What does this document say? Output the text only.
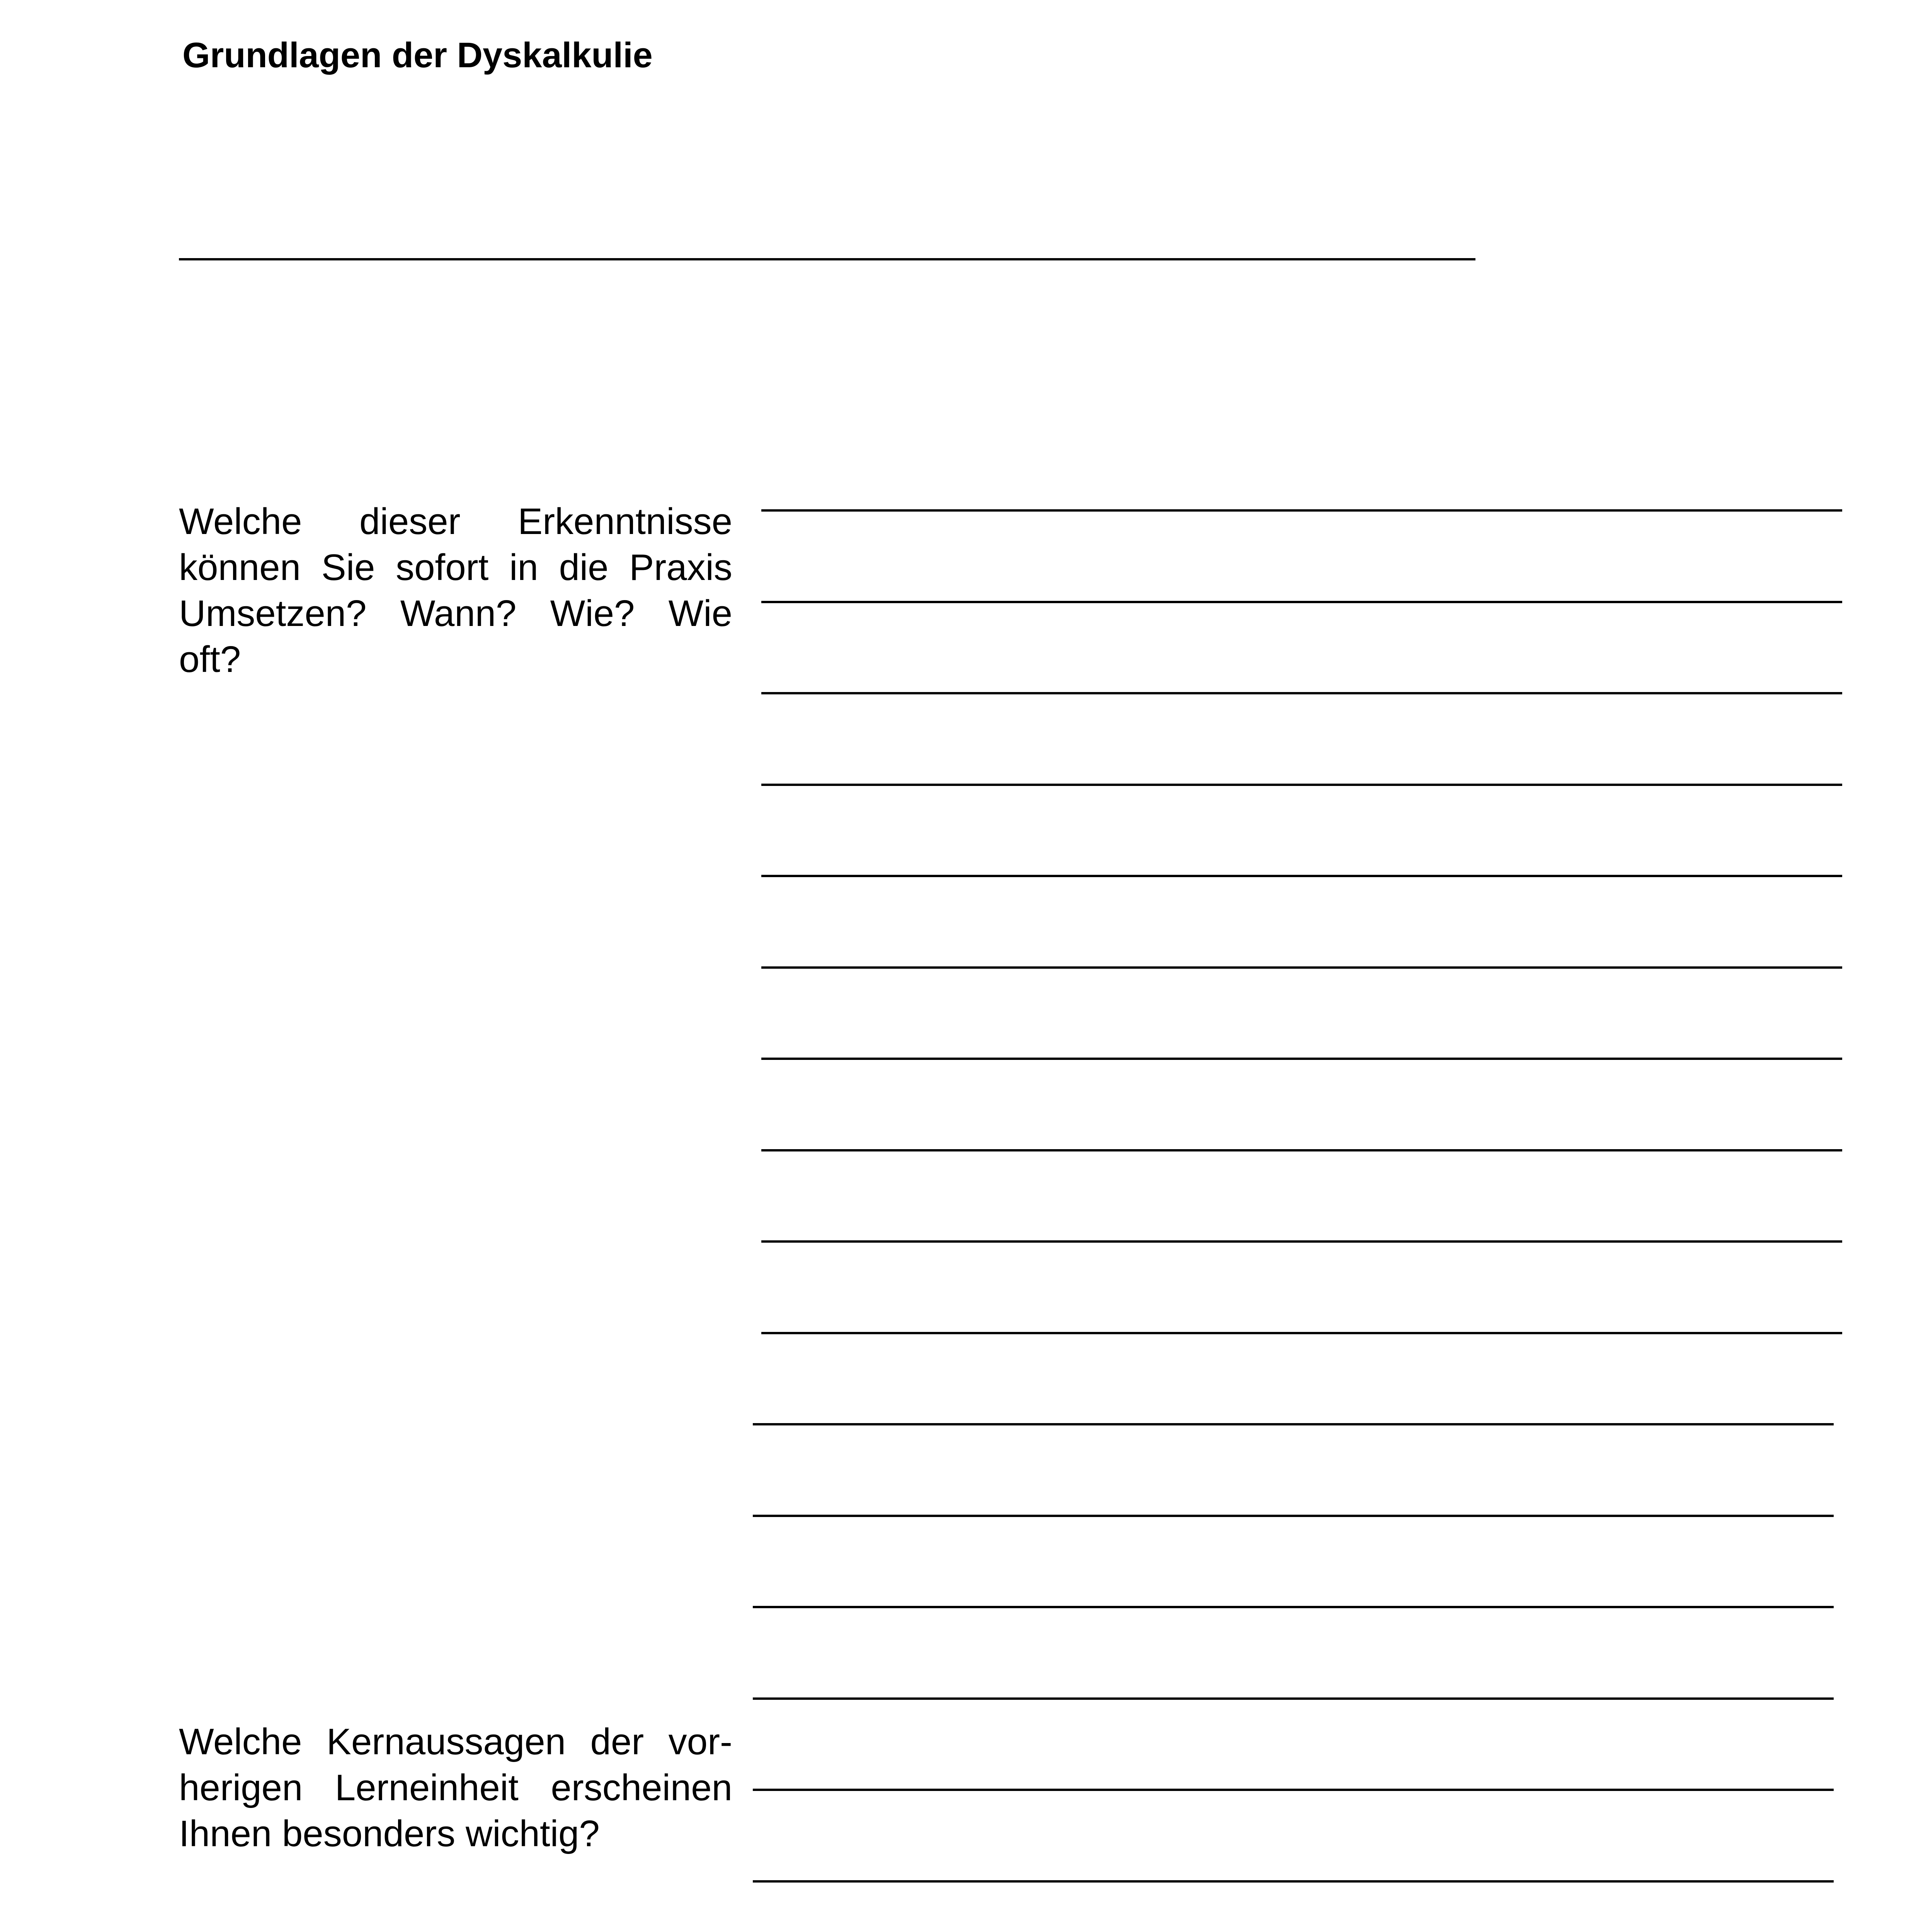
Grundlagen der Dyskalkulie
Welche dieser Erkenntnisse können Sie sofort in die Praxis Umsetzen? Wann? Wie? Wie oft?
Welche Kernaussagen der vor-herigen Lerneinheit erscheinen Ihnen besonders wichtig?
